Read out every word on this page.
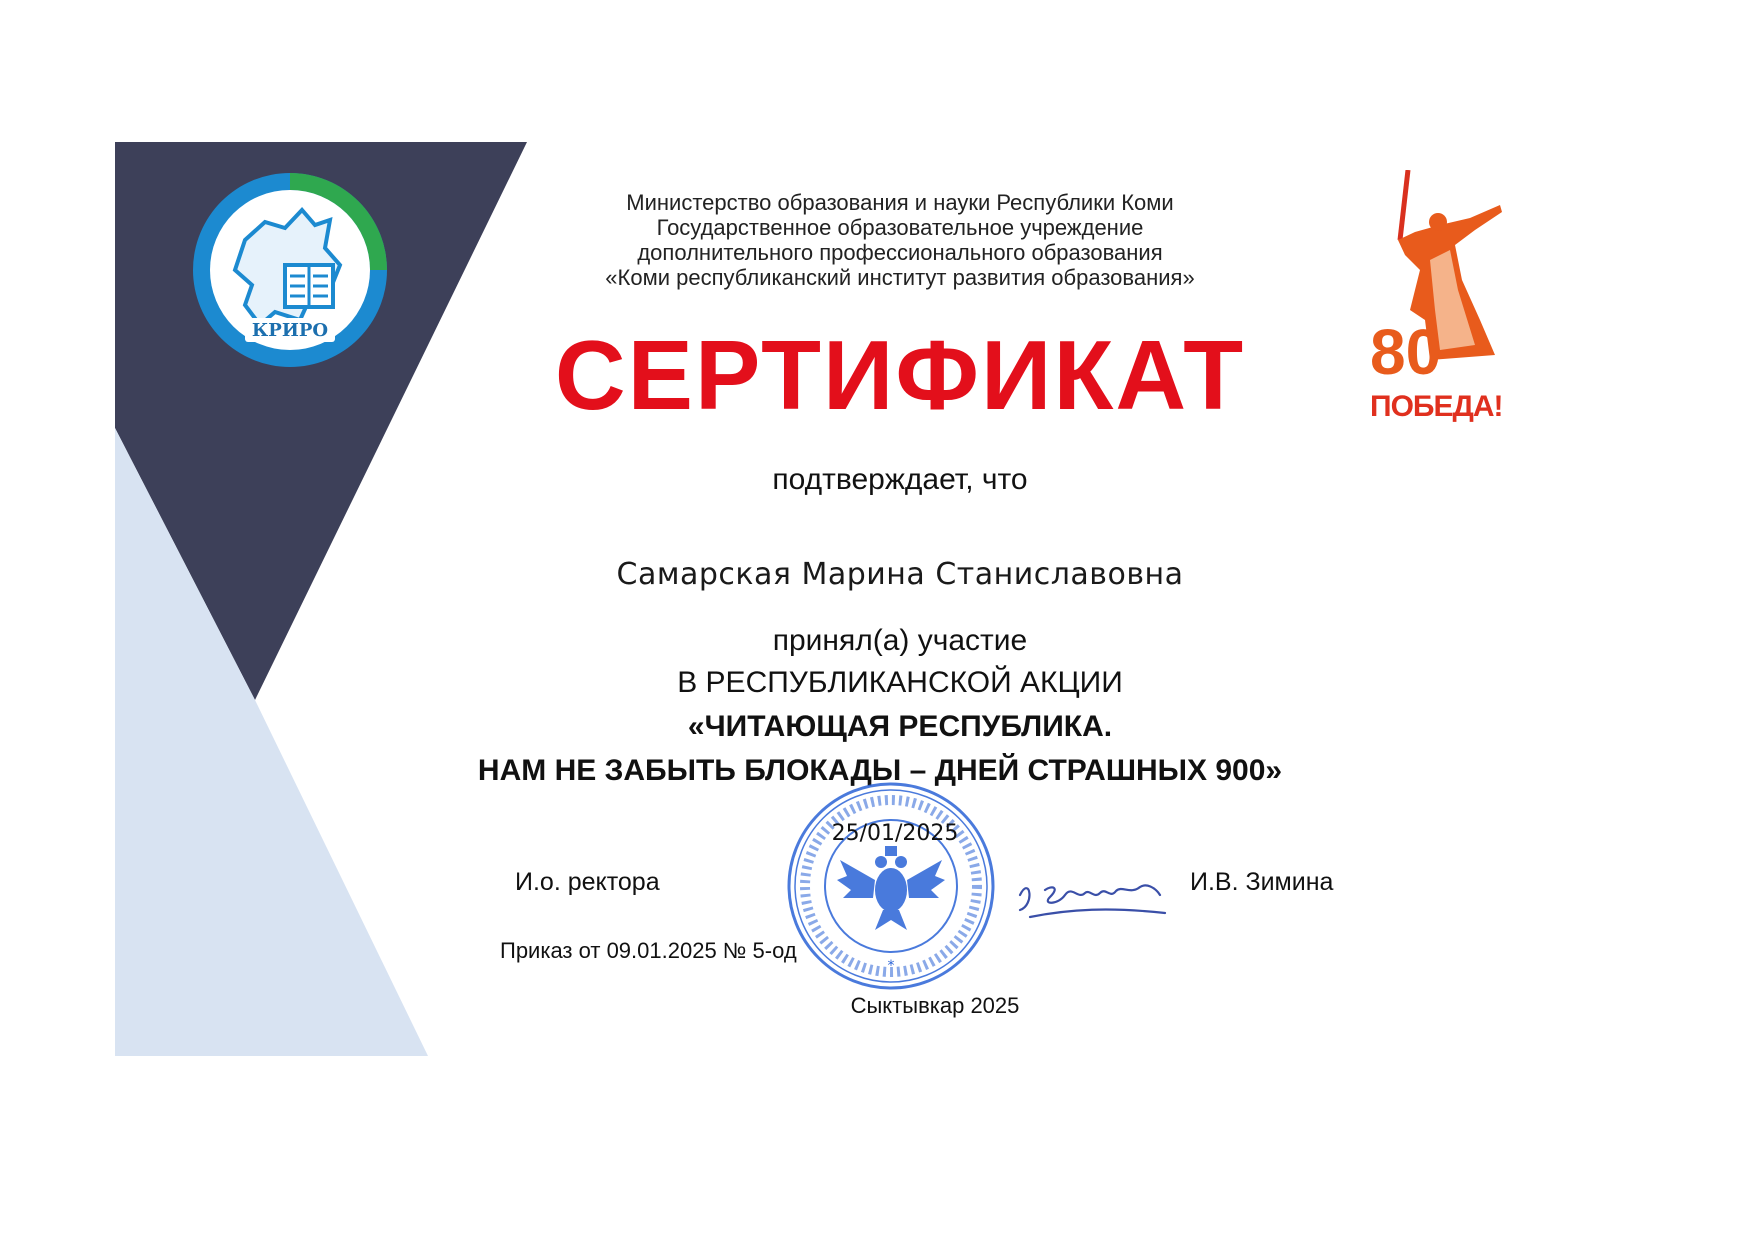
КРИРО
Министерство образования и науки Республики Коми
Государственное образовательное учреждение
дополнительного профессионального образования
«Коми республиканский институт развития образования»
80
ПОБЕДА!
СЕРТИФИКАТ
подтверждает, что
Самарская Марина Станиславовна
принял(а) участие
В РЕСПУБЛИКАНСКОЙ АКЦИИ
«ЧИТАЮЩАЯ РЕСПУБЛИКА.
НАМ НЕ ЗАБЫТЬ БЛОКАДЫ – ДНЕЙ СТРАШНЫХ 900»
*
25/01/2025
И.о. ректора	И.В. Зимина
Приказ от 09.01.2025 № 5-од
Сыктывкар 2025
